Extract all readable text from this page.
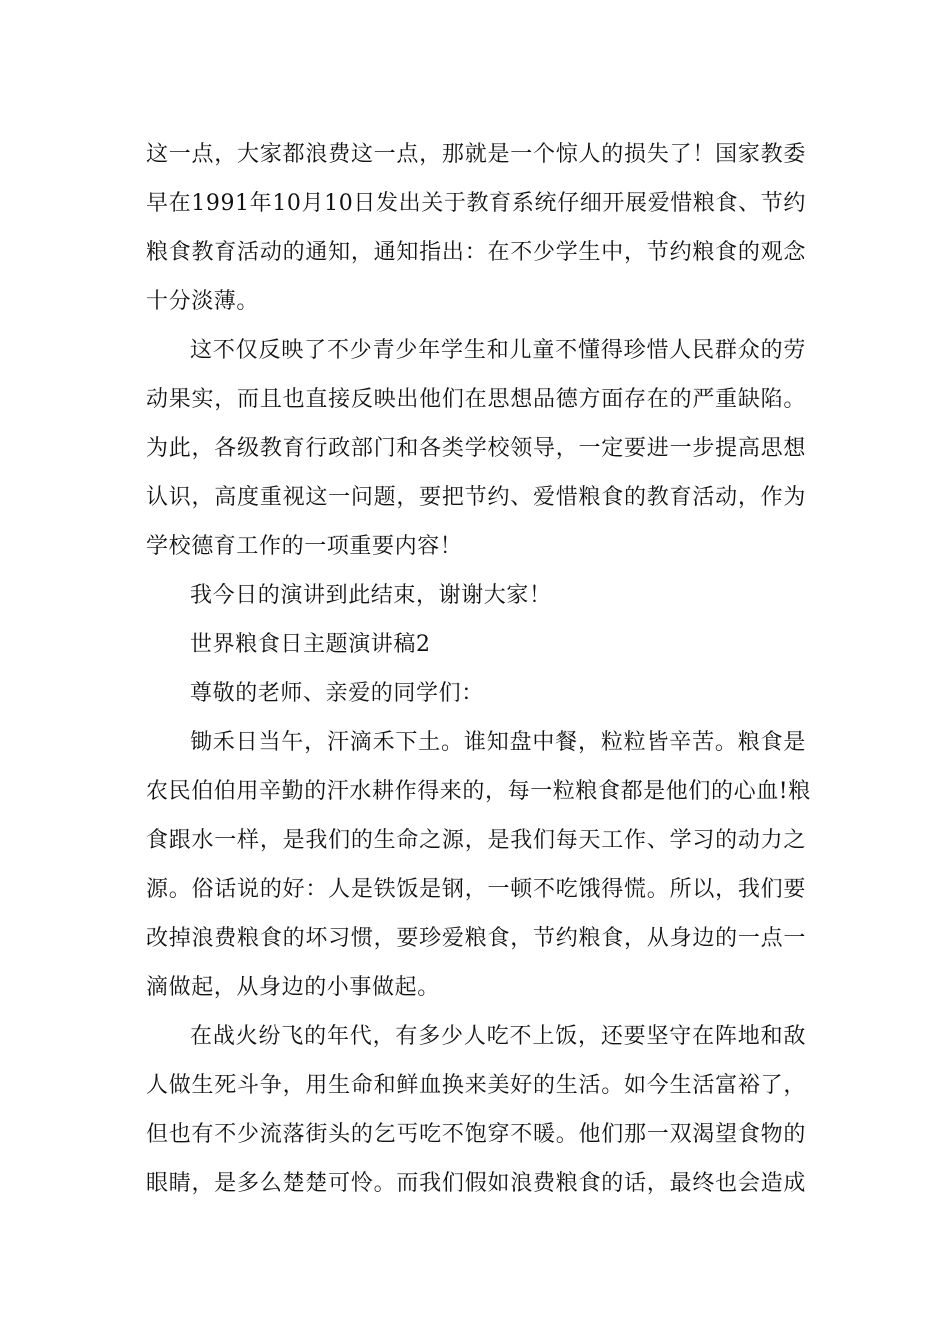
这一点，大家都浪费这一点，那就是一个惊人的损失了！国家教委
早在1991年10月10日发出关于教育系统仔细开展爱惜粮食、节约
粮食教育活动的通知，通知指出：在不少学生中，节约粮食的观念
十分淡薄。
这不仅反映了不少青少年学生和儿童不懂得珍惜人民群众的劳
动果实，而且也直接反映出他们在思想品德方面存在的严重缺陷。
为此，各级教育行政部门和各类学校领导，一定要进一步提高思想
认识，高度重视这一问题，要把节约、爱惜粮食的教育活动，作为
学校德育工作的一项重要内容！
我今日的演讲到此结束，谢谢大家！
世界粮食日主题演讲稿2
尊敬的老师、亲爱的同学们：
锄禾日当午，汗滴禾下土。谁知盘中餐，粒粒皆辛苦。粮食是
农民伯伯用辛勤的汗水耕作得来的，每一粒粮食都是他们的心血!粮
食跟水一样，是我们的生命之源，是我们每天工作、学习的动力之
源。俗话说的好：人是铁饭是钢，一顿不吃饿得慌。所以，我们要
改掉浪费粮食的坏习惯，要珍爱粮食，节约粮食，从身边的一点一
滴做起，从身边的小事做起。
在战火纷飞的年代，有多少人吃不上饭，还要坚守在阵地和敌
人做生死斗争，用生命和鲜血换来美好的生活。如今生活富裕了，
但也有不少流落街头的乞丐吃不饱穿不暖。他们那一双渴望食物的
眼睛，是多么楚楚可怜。而我们假如浪费粮食的话，最终也会造成
